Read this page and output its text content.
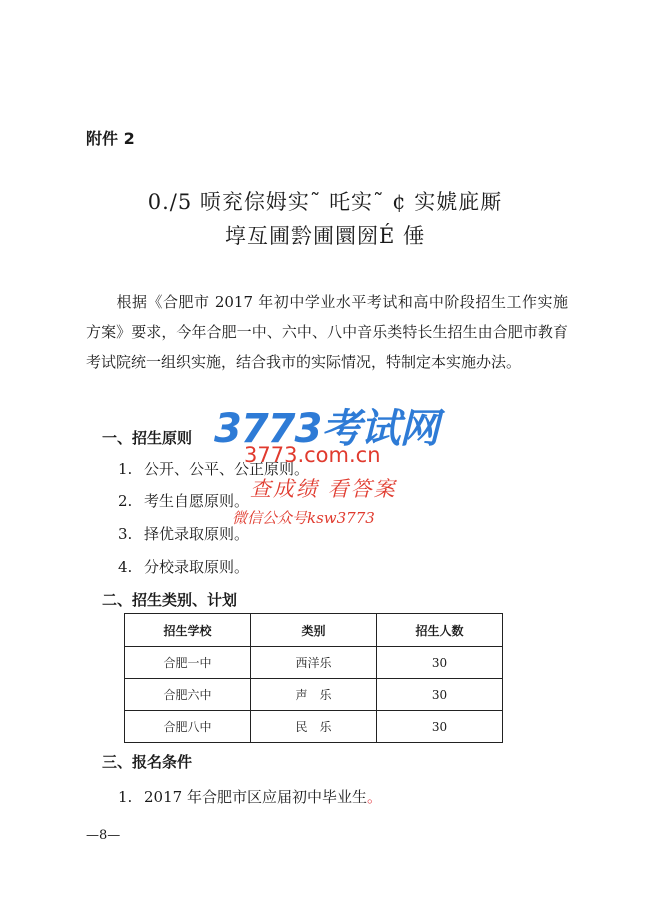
附件 2
0./5 唝兖倧姆实˜ 吒实˜ ¢ 实婋庛厮
埻亙圃霒圃圜圀É 倕
根据《合肥市 2017 年初中学业水平考试和高中阶段招生工作实施方案》要求，今年合肥一中、六中、八中音乐类特长生招生由合肥市教育考试院统一组织实施，结合我市的实际情况，特制定本实施办法。
一、招生原则
1. 公开、公平、公正原则。
2. 考生自愿原则。
3. 择优录取原则。
4. 分校录取原则。
二、招生类别、计划
招生学校	类别	招生人数
合肥一中	西洋乐	30
合肥六中	声　乐	30
合肥八中	民　乐	30
三、报名条件
1. 2017 年合肥市区应届初中毕业生。
—8—
3773考试网
3773.com.cn
查成绩 看答案
微信公众号ksw3773
